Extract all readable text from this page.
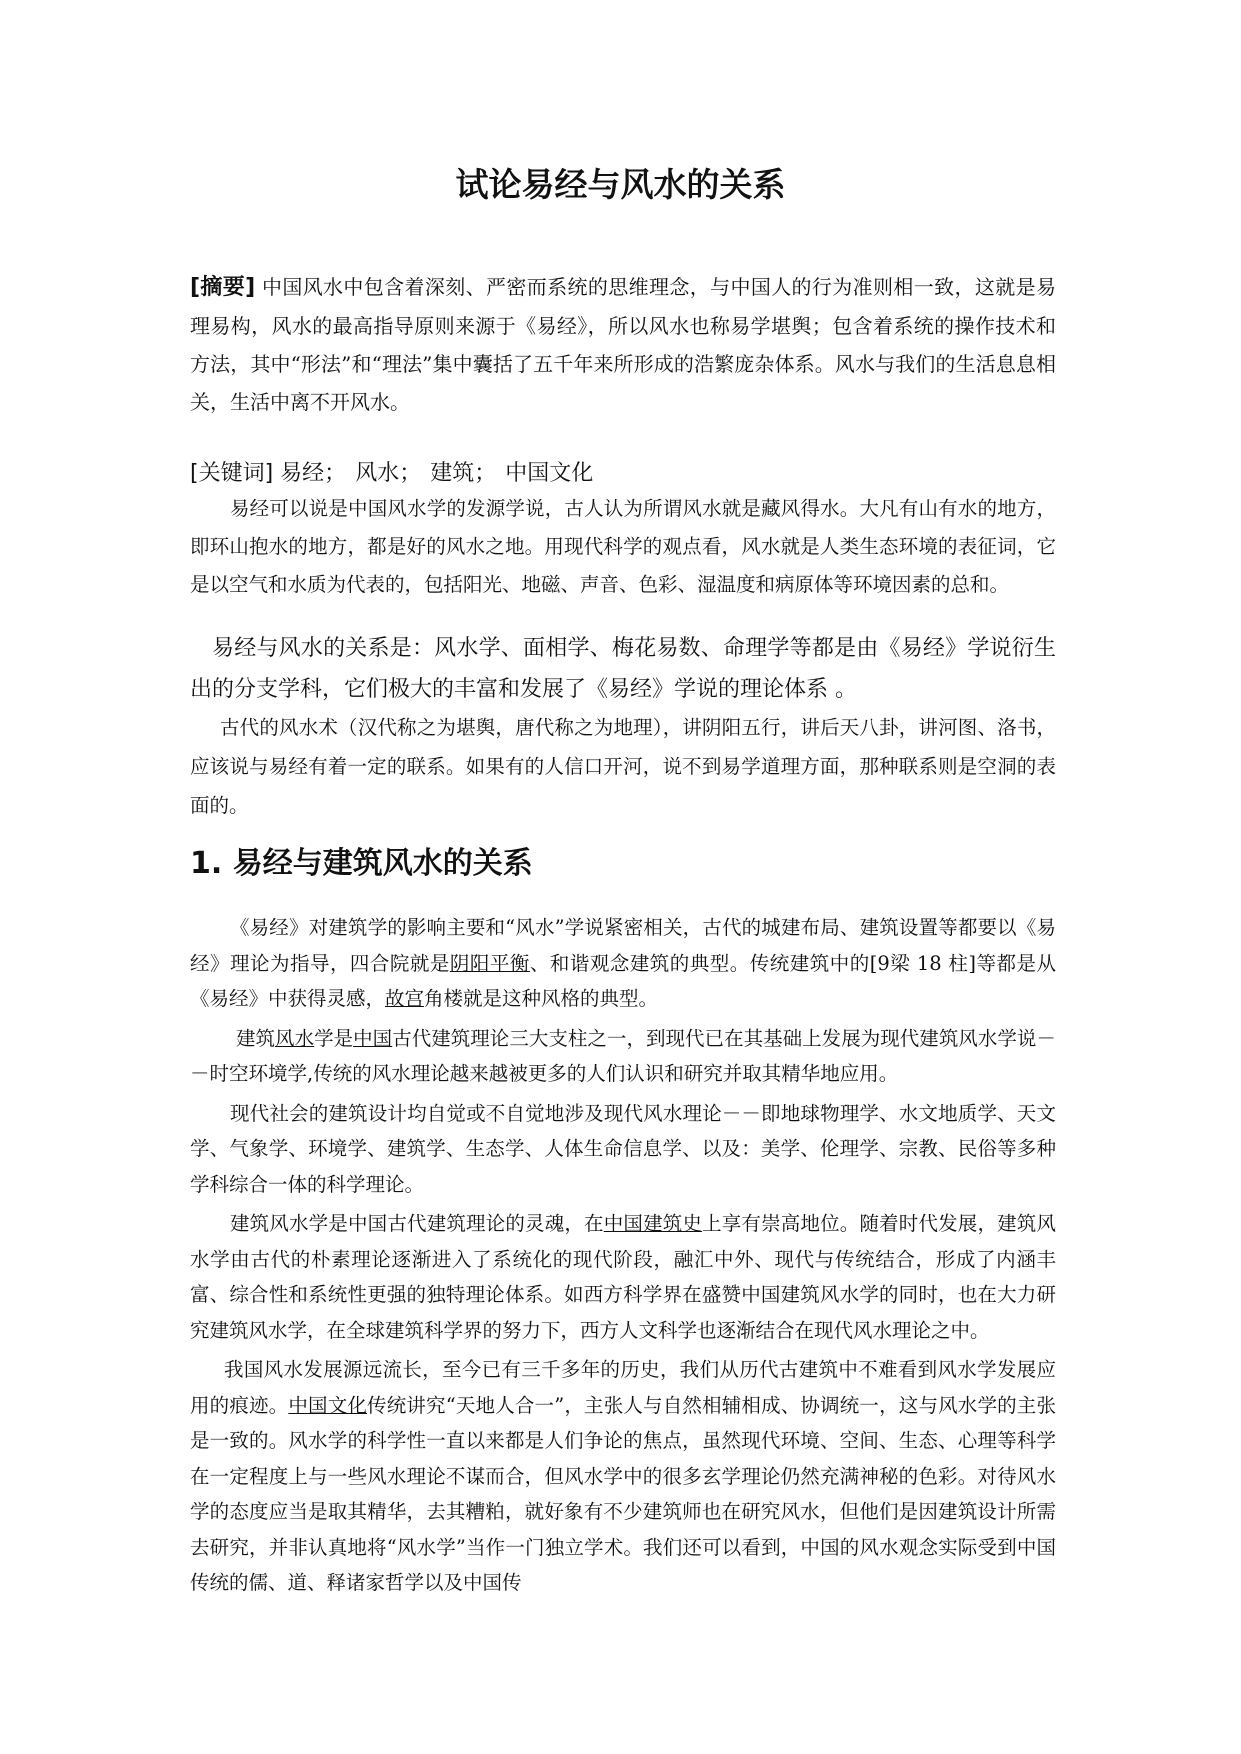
试论易经与风水的关系
[摘要] 中国风水中包含着深刻、严密而系统的思维理念，与中国人的行为准则相一致，这就是易理易构，风水的最高指导原则来源于《易经》，所以风水也称易学堪舆；包含着系统的操作技术和方法，其中“形法”和“理法”集中囊括了五千年来所形成的浩繁庞杂体系。风水与我们的生活息息相关，生活中离不开风水。
[关键词] 易经； 风水； 建筑； 中国文化

易经可以说是中国风水学的发源学说，古人认为所谓风水就是藏风得水。大凡有山有水的地方，即环山抱水的地方，都是好的风水之地。用现代科学的观点看，风水就是人类生态环境的表征词，它是以空气和水质为代表的，包括阳光、地磁、声音、色彩、湿温度和病原体等环境因素的总和。

易经与风水的关系是：风水学、面相学、梅花易数、命理学等都是由《易经》学说衍生出的分支学科，它们极大的丰富和发展了《易经》学说的理论体系 。

古代的风水术（汉代称之为堪舆，唐代称之为地理），讲阴阳五行，讲后天八卦，讲河图、洛书，应该说与易经有着一定的联系。如果有的人信口开河，说不到易学道理方面，那种联系则是空洞的表面的。

1. 易经与建筑风水的关系

《易经》对建筑学的影响主要和“风水”学说紧密相关，古代的城建布局、建筑设置等都要以《易经》理论为指导，四合院就是阴阳平衡、和谐观念建筑的典型。传统建筑中的[9梁 18 柱]等都是从《易经》中获得灵感，故宫角楼就是这种风格的典型。

建筑风水学是中国古代建筑理论三大支柱之一，到现代已在其基础上发展为现代建筑风水学说－－时空环境学,传统的风水理论越来越被更多的人们认识和研究并取其精华地应用。

现代社会的建筑设计均自觉或不自觉地涉及现代风水理论－－即地球物理学、水文地质学、天文学、气象学、环境学、建筑学、生态学、人体生命信息学、以及：美学、伦理学、宗教、民俗等多种学科综合一体的科学理论。

建筑风水学是中国古代建筑理论的灵魂，在中国建筑史上享有崇高地位。随着时代发展，建筑风水学由古代的朴素理论逐渐进入了系统化的现代阶段，融汇中外、现代与传统结合，形成了内涵丰富、综合性和系统性更强的独特理论体系。如西方科学界在盛赞中国建筑风水学的同时，也在大力研究建筑风水学，在全球建筑科学界的努力下，西方人文科学也逐渐结合在现代风水理论之中。

我国风水发展源远流长，至今已有三千多年的历史，我们从历代古建筑中不难看到风水学发展应用的痕迹。中国文化传统讲究“天地人合一”，主张人与自然相辅相成、协调统一，这与风水学的主张是一致的。风水学的科学性一直以来都是人们争论的焦点，虽然现代环境、空间、生态、心理等科学在一定程度上与一些风水理论不谋而合，但风水学中的很多玄学理论仍然充满神秘的色彩。对待风水学的态度应当是取其精华，去其糟粕，就好象有不少建筑师也在研究风水，但他们是因建筑设计所需去研究，并非认真地将“风水学”当作一门独立学术。我们还可以看到，中国的风水观念实际受到中国传统的儒、道、释诸家哲学以及中国传
